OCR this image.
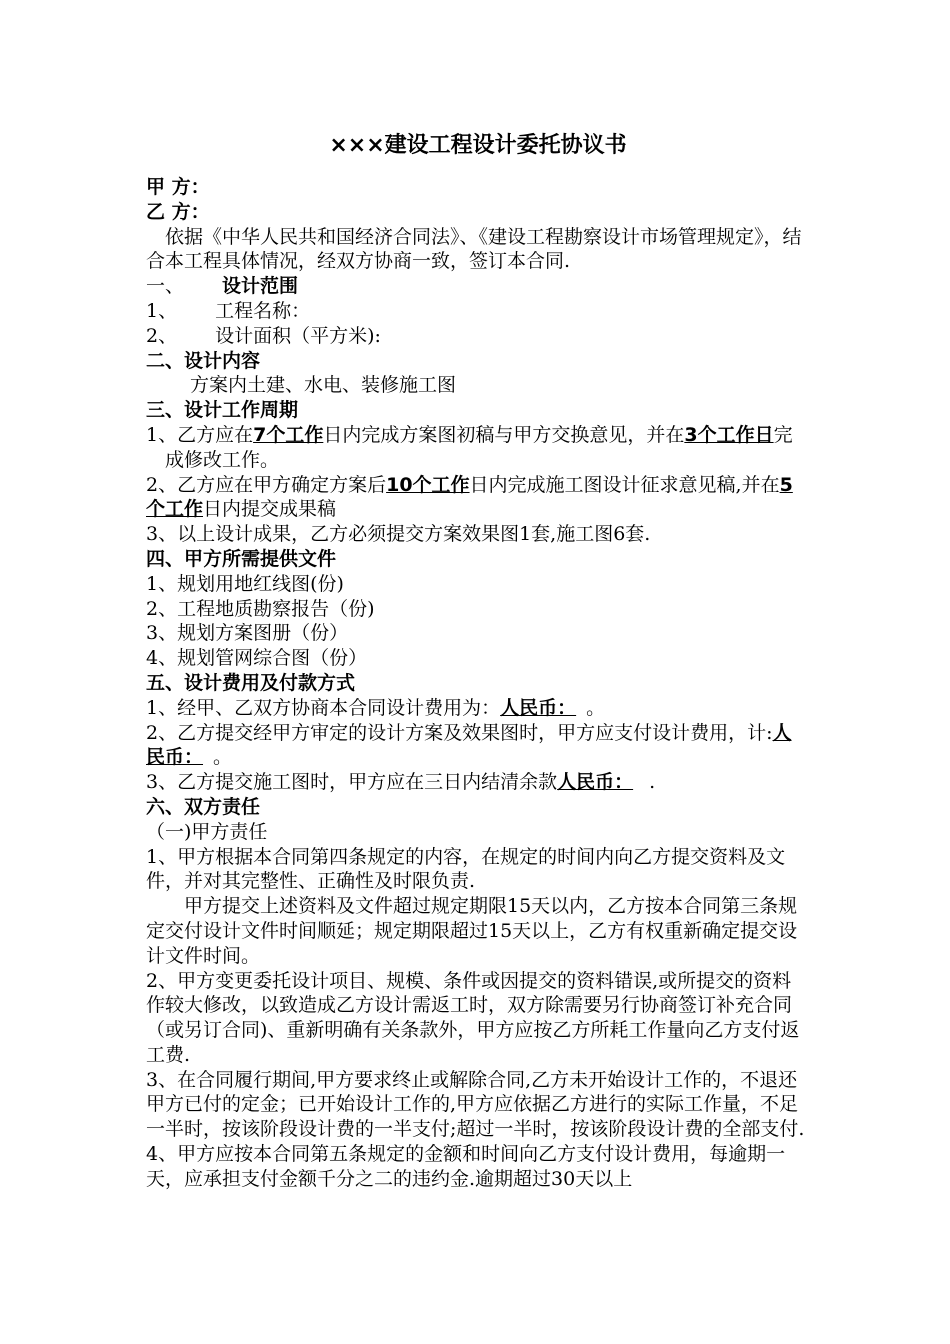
×××建设工程设计委托协议书

甲 方：

乙 方：

依据《中华人民共和国经济合同法》、《建设工程勘察设计市场管理规定》，结合本工程具体情况，经双方协商一致，签订本合同.

一、 设计范围

1、 工程名称：

2、 设计面积（平方米):

二、设计内容

方案内土建、水电、装修施工图

三、设计工作周期

1、乙方应在7个工作日内完成方案图初稿与甲方交换意见，并在3个工作日完成修改工作。

2、乙方应在甲方确定方案后10个工作日内完成施工图设计征求意见稿,并在5个工作日内提交成果稿

3、以上设计成果，乙方必须提交方案效果图1套,施工图6套.

四、甲方所需提供文件

1、规划用地红线图(份)

2、工程地质勘察报告（份)

3、规划方案图册（份）

4、规划管网综合图（份）

五、设计费用及付款方式

1、经甲、乙双方协商本合同设计费用为：人民币： 。

2、乙方提交经甲方审定的设计方案及效果图时，甲方应支付设计费用，计:人民币： 。

3、乙方提交施工图时，甲方应在三日内结清余款人民币： .

六、双方责任

（一)甲方责任

1、甲方根据本合同第四条规定的内容，在规定的时间内向乙方提交资料及文件，并对其完整性、正确性及时限负责.

甲方提交上述资料及文件超过规定期限15天以内，乙方按本合同第三条规定交付设计文件时间顺延；规定期限超过15天以上，乙方有权重新确定提交设计文件时间。

2、甲方变更委托设计项目、规模、条件或因提交的资料错误,或所提交的资料作较大修改，以致造成乙方设计需返工时，双方除需要另行协商签订补充合同（或另订合同)、重新明确有关条款外，甲方应按乙方所耗工作量向乙方支付返工费.

3、在合同履行期间,甲方要求终止或解除合同,乙方未开始设计工作的，不退还甲方已付的定金；已开始设计工作的,甲方应依据乙方进行的实际工作量，不足一半时，按该阶段设计费的一半支付;超过一半时，按该阶段设计费的全部支付.

4、甲方应按本合同第五条规定的金额和时间向乙方支付设计费用，每逾期一天，应承担支付金额千分之二的违约金.逾期超过30天以上
